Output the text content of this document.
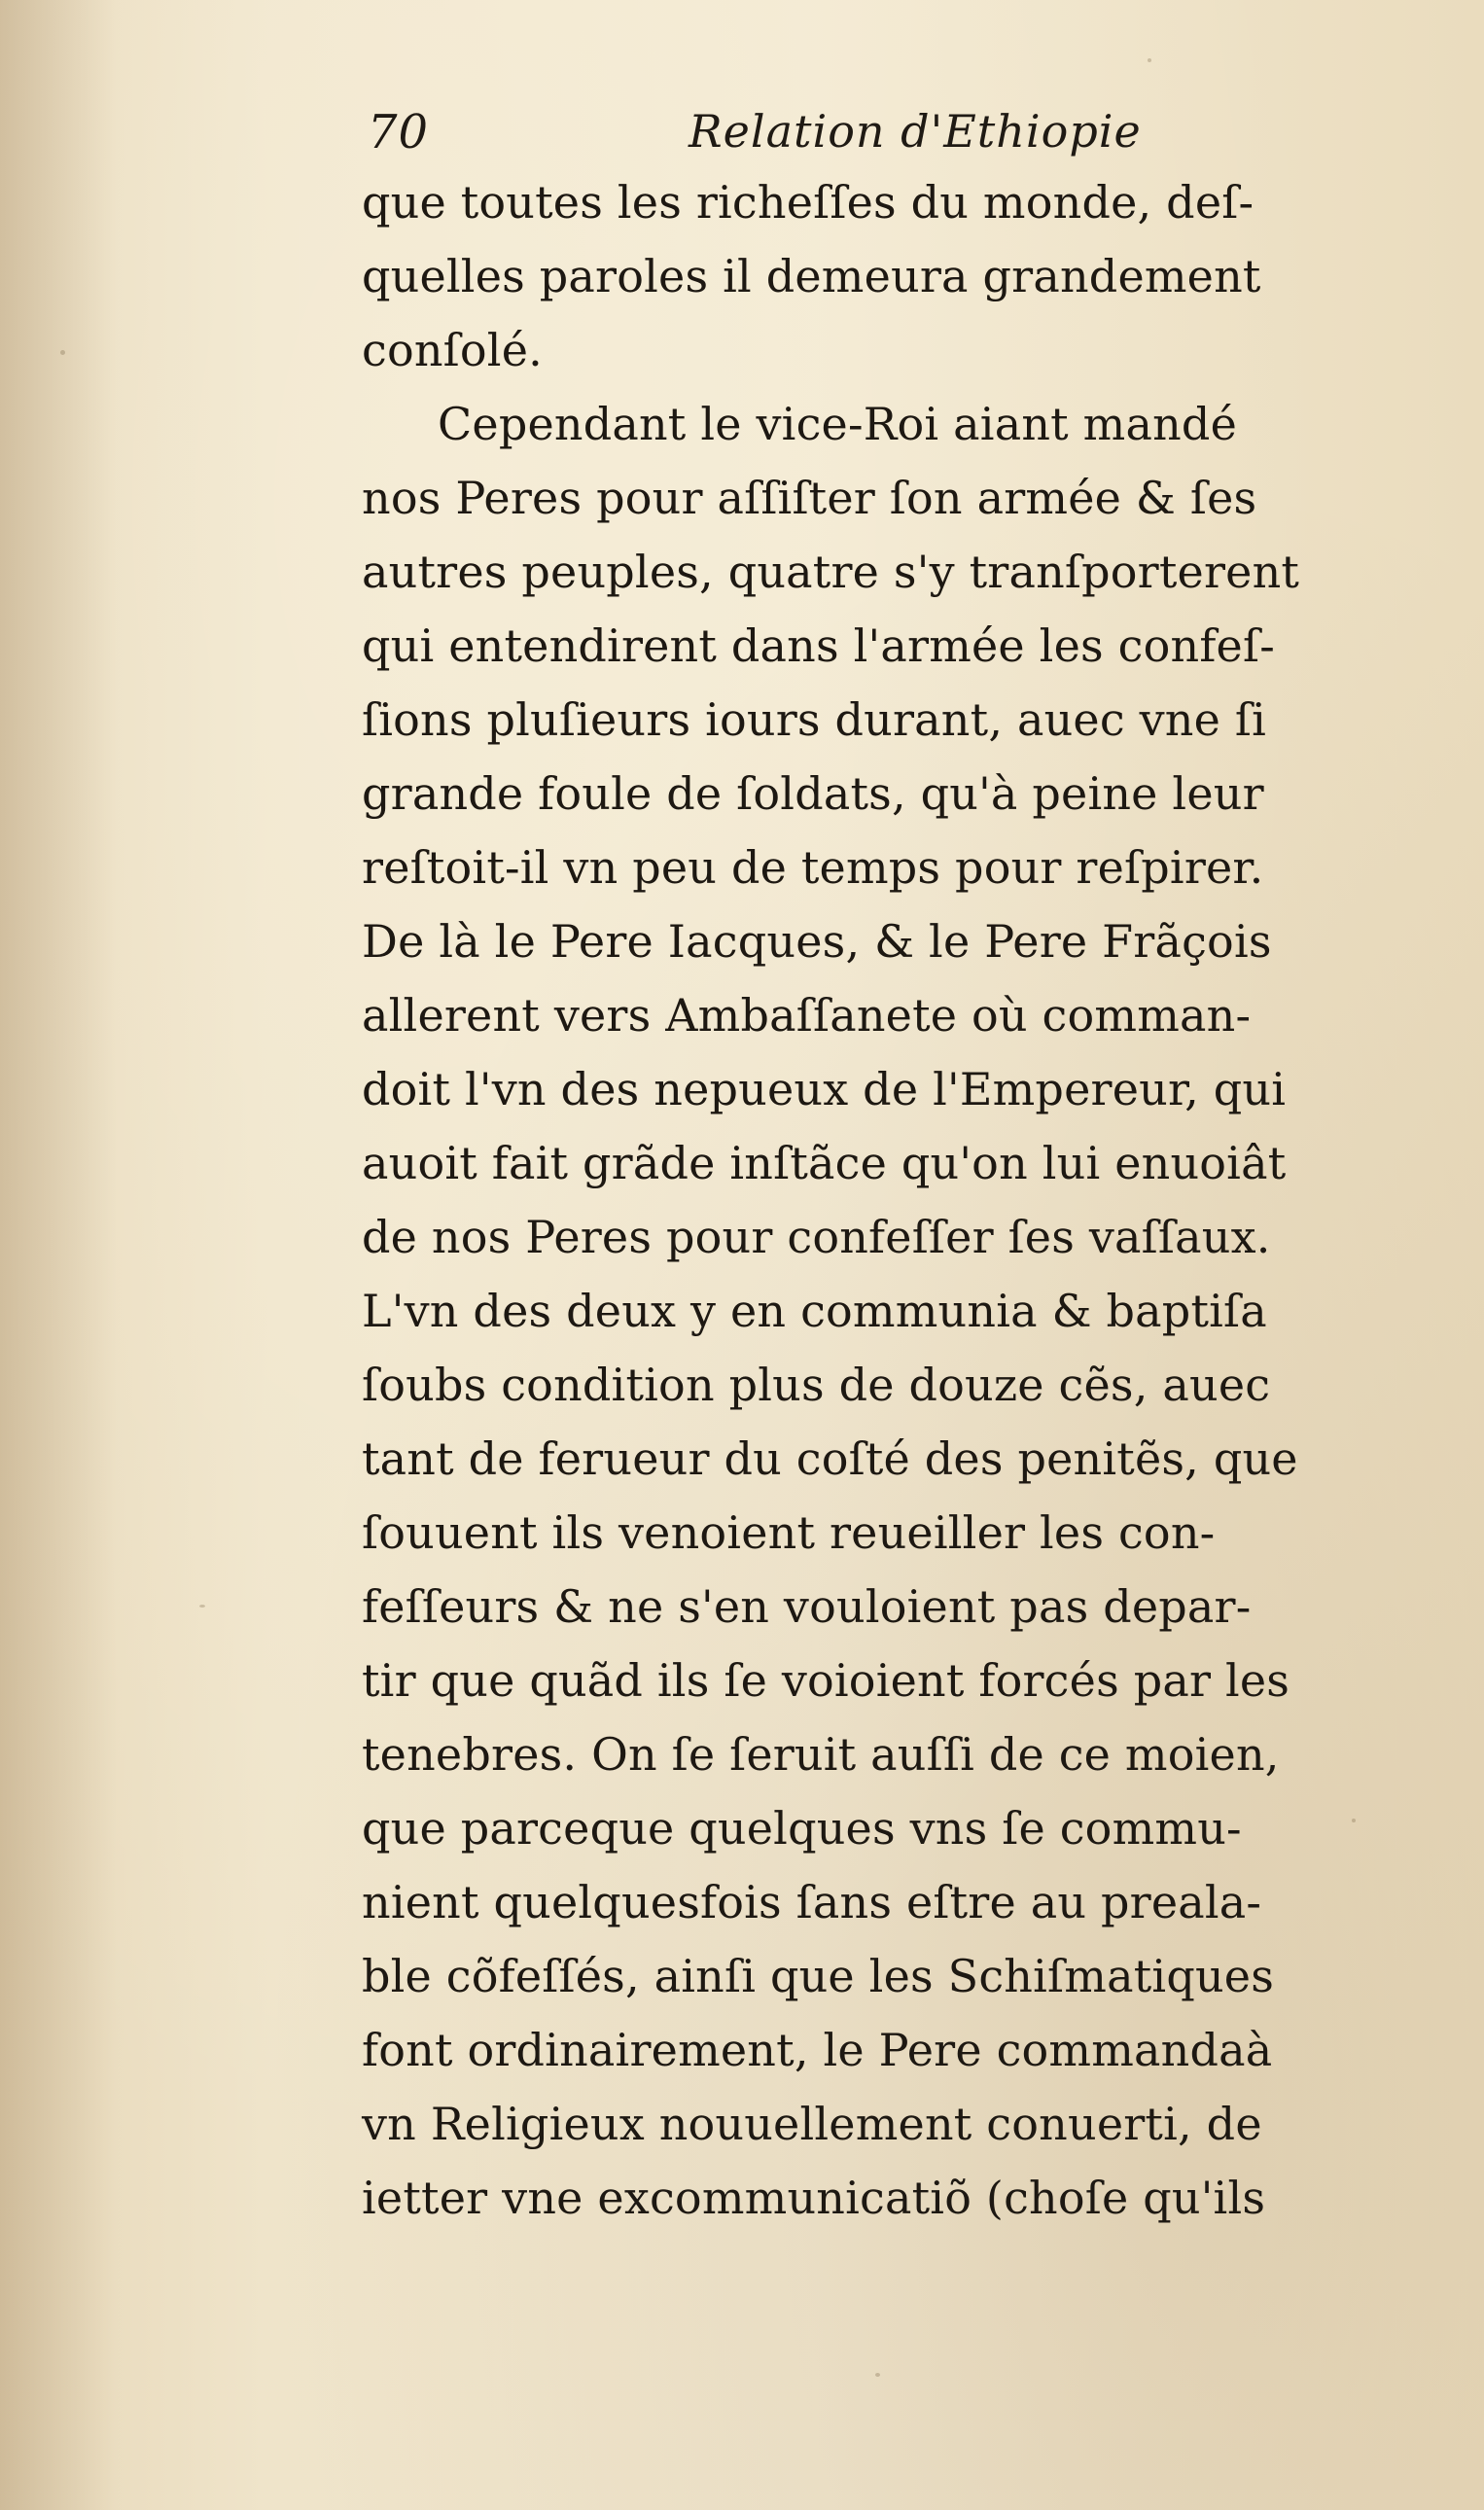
70	Relation d'Ethiopie
que toutes les richeſſes du monde, deſ-
quelles paroles il demeura grandement
conſolé.
Cependant le vice-Roi aiant mandé
nos Peres pour aſſiſter ſon armée & ſes
autres peuples, quatre s'y tranſporterent
qui entendirent dans l'armée les confeſ-
ſions pluſieurs iours durant, auec vne ſi
grande foule de ſoldats, qu'à peine leur
reſtoit-il vn peu de temps pour reſpirer.
De là le Pere Iacques, & le Pere Frãçois
allerent vers Ambaſſanete où comman-
doit l'vn des nepueux de l'Empereur, qui
auoit fait grãde inſtãce qu'on lui enuoiât
de nos Peres pour confeſſer ſes vaſſaux.
L'vn des deux y en communia & baptiſa
ſoubs condition plus de douze cẽs, auec
tant de ferueur du coſté des penitẽs, que
ſouuent ils venoient reueiller les con-
feſſeurs & ne s'en vouloient pas depar-
tir que quãd ils ſe voioient forcés par les
tenebres. On ſe ſeruit auſſi de ce moien,
que parceque quelques vns ſe commu-
nient quelquesfois ſans eſtre au preala-
ble cõfeſſés, ainſi que les Schiſmatiques
font ordinairement, le Pere commandaà
vn Religieux nouuellement conuerti, de
ietter vne excommunicatiõ (choſe qu'ils
